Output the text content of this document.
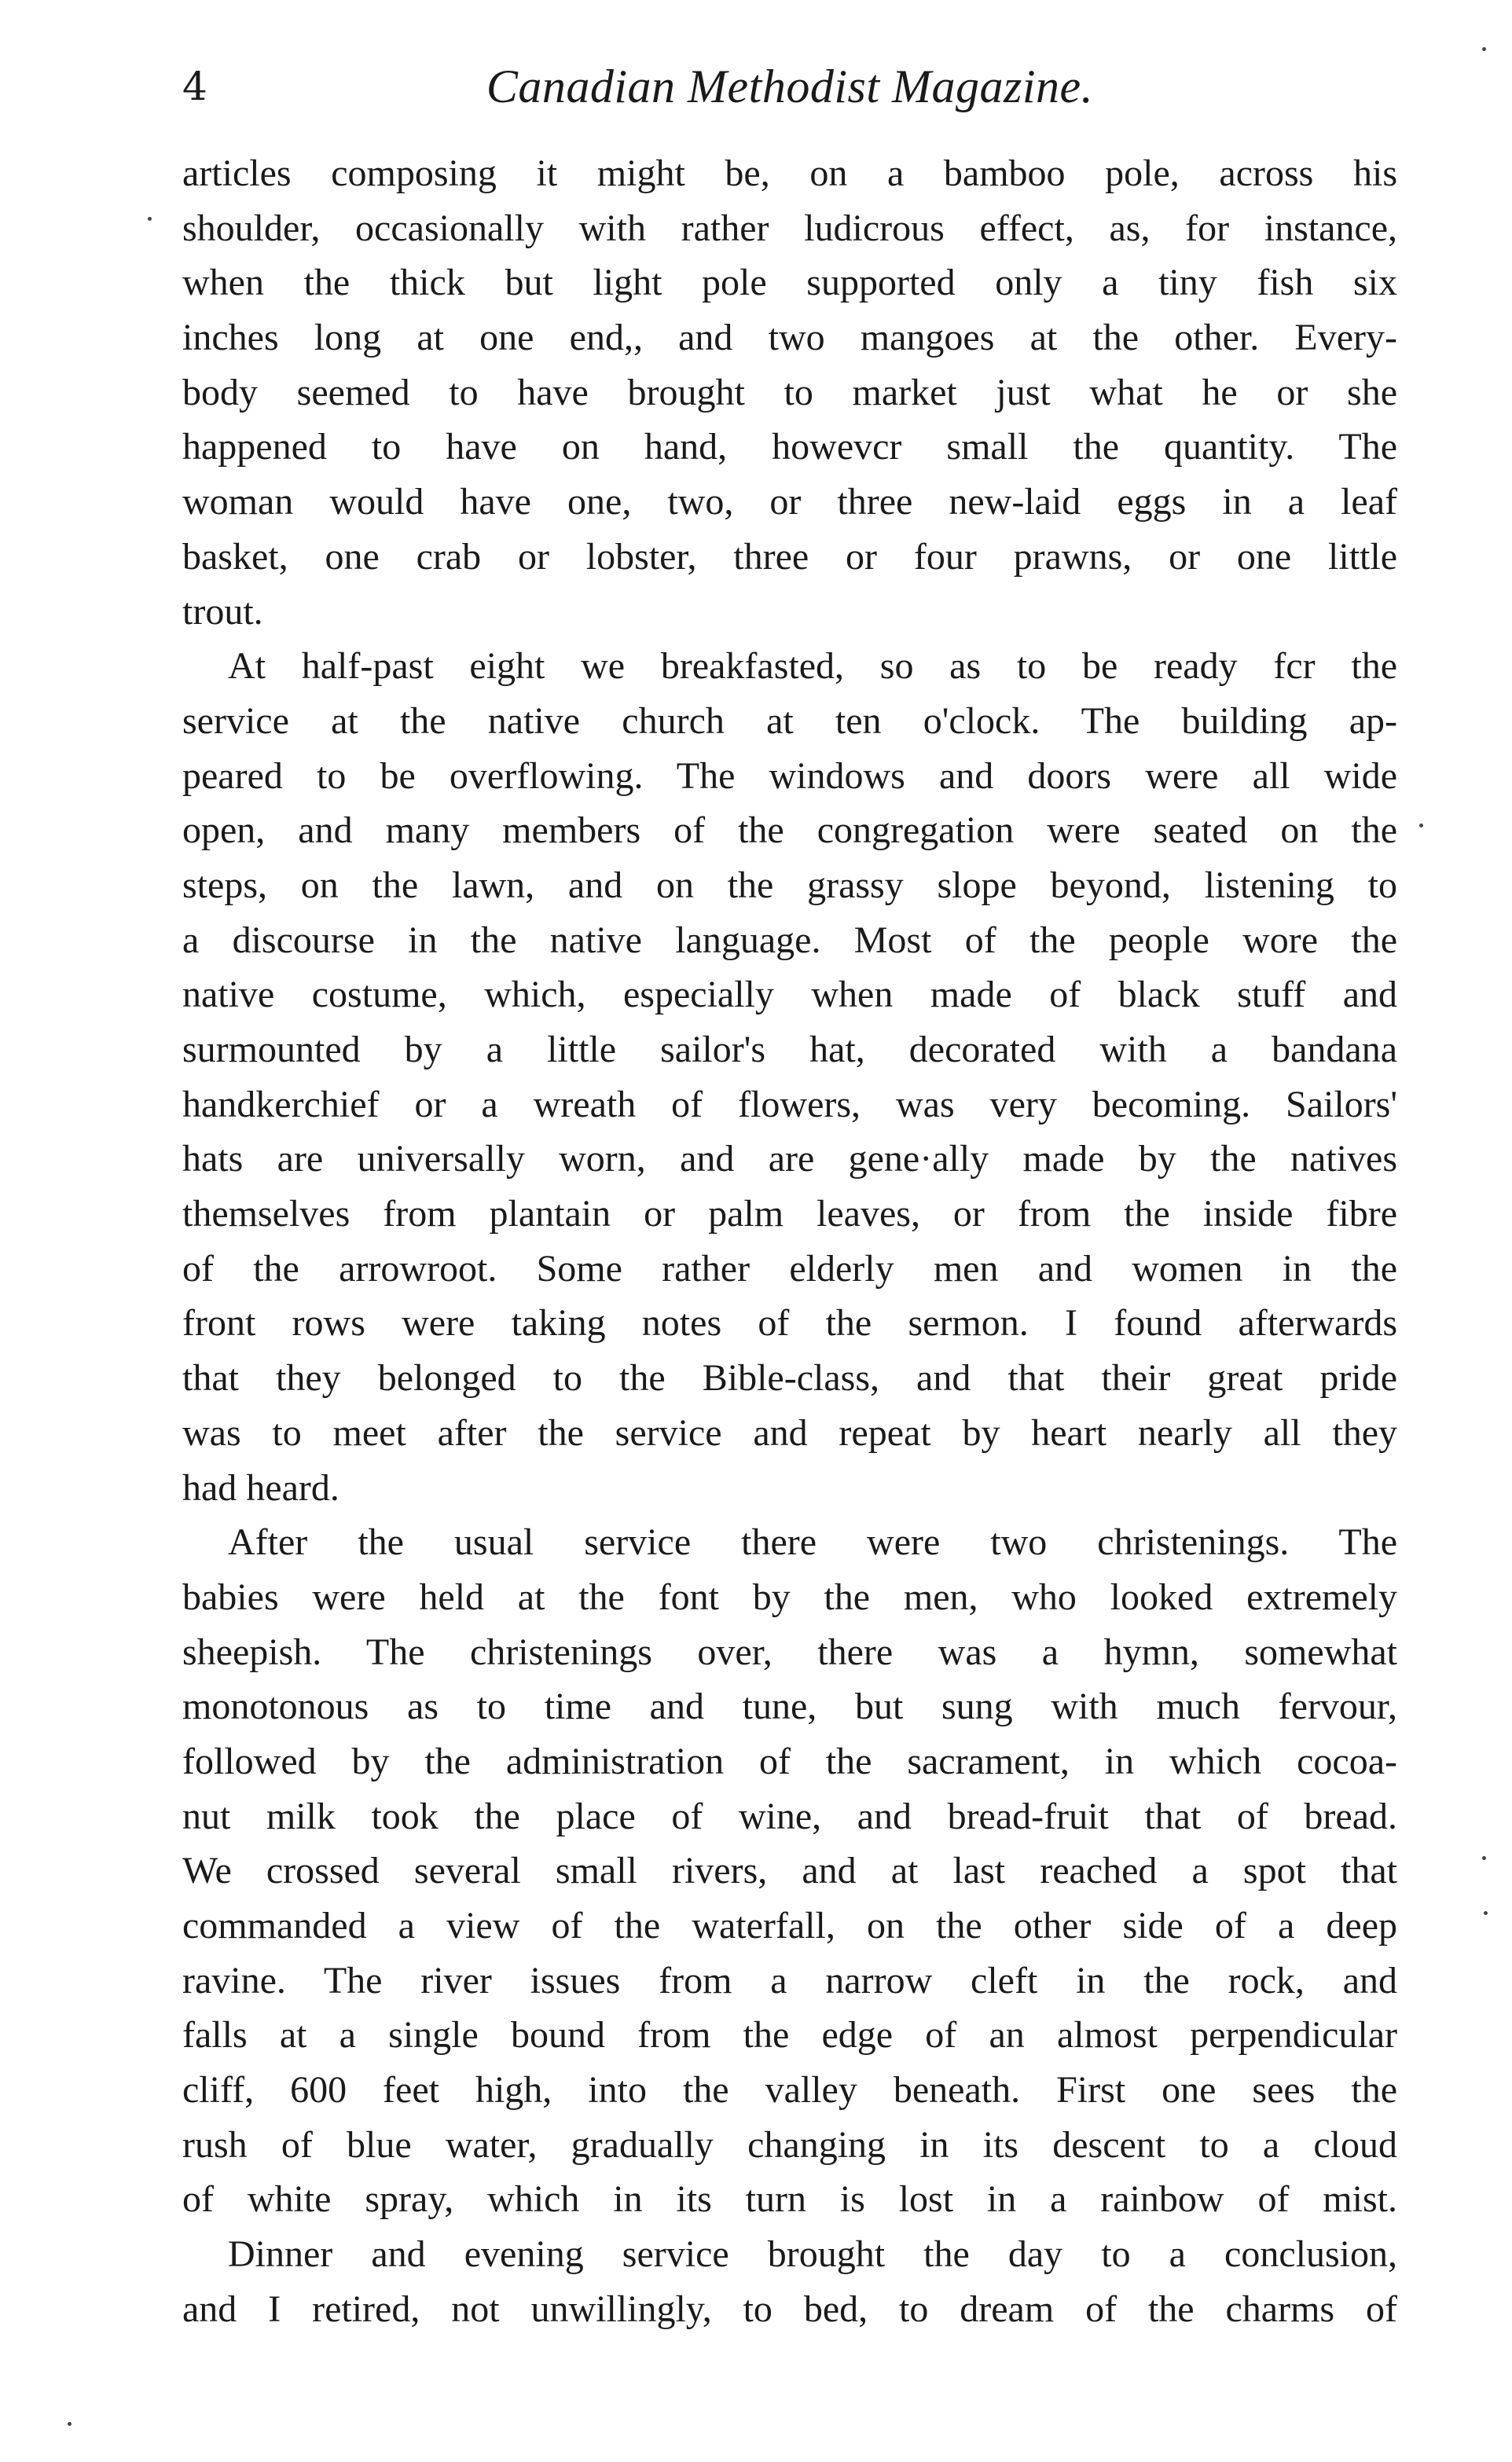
4	Canadian Methodist Magazine.
articles composing it might be, on a bamboo pole, across his
shoulder, occasionally with rather ludicrous effect, as, for instance,
when the thick but light pole supported only a tiny fish six
inches long at one end,, and two mangoes at the other. Every-
body seemed to have brought to market just what he or she
happened to have on hand, howevcr small the quantity. The
woman would have one, two, or three new-laid eggs in a leaf
basket, one crab or lobster, three or four prawns, or one little
trout.
At half-past eight we breakfasted, so as to be ready fcr the
service at the native church at ten o'clock. The building ap-
peared to be overflowing. The windows and doors were all wide
open, and many members of the congregation were seated on the
steps, on the lawn, and on the grassy slope beyond, listening to
a discourse in the native language. Most of the people wore the
native costume, which, especially when made of black stuff and
surmounted by a little sailor's hat, decorated with a bandana
handkerchief or a wreath of flowers, was very becoming. Sailors'
hats are universally worn, and are gene·ally made by the natives
themselves from plantain or palm leaves, or from the inside fibre
of the arrowroot. Some rather elderly men and women in the
front rows were taking notes of the sermon. I found afterwards
that they belonged to the Bible-class, and that their great pride
was to meet after the service and repeat by heart nearly all they
had heard.
After the usual service there were two christenings. The
babies were held at the font by the men, who looked extremely
sheepish. The christenings over, there was a hymn, somewhat
monotonous as to time and tune, but sung with much fervour,
followed by the administration of the sacrament, in which cocoa-
nut milk took the place of wine, and bread-fruit that of bread.
We crossed several small rivers, and at last reached a spot that
commanded a view of the waterfall, on the other side of a deep
ravine. The river issues from a narrow cleft in the rock, and
falls at a single bound from the edge of an almost perpendicular
cliff, 600 feet high, into the valley beneath. First one sees the
rush of blue water, gradually changing in its descent to a cloud
of white spray, which in its turn is lost in a rainbow of mist.
Dinner and evening service brought the day to a conclusion,
and I retired, not unwillingly, to bed, to dream of the charms of
